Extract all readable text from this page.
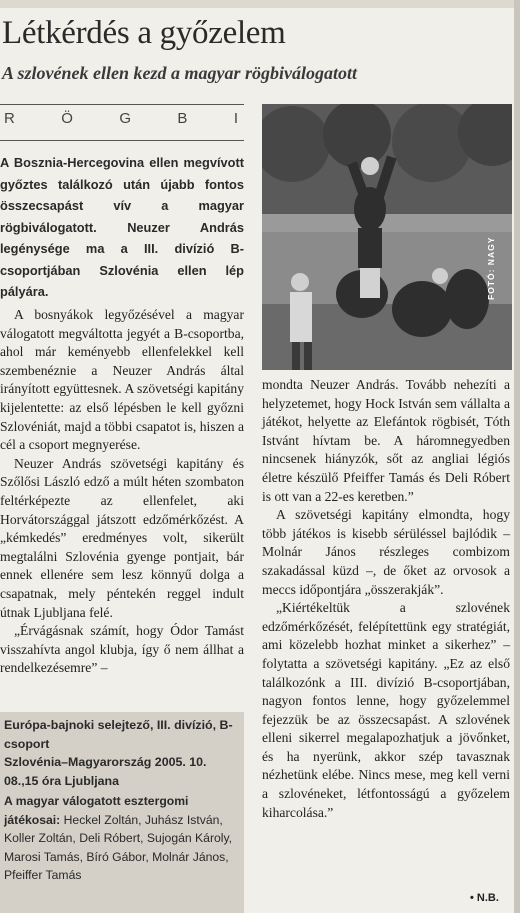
Létkérdés a győzelem
A szlovének ellen kezd a magyar rögbiválogatott
R	Ö	G	B	I
A Bosznia-Hercegovina ellen megvívott győztes találkozó után újabb fontos összecsapást vív a magyar rögbiválogatott. Neuzer András legénysége ma a III. divízió B-csoportjában Szlovénia ellen lép pályára.

A bosnyákok legyőzésével a magyar válogatott megváltotta jegyét a B-csoportba, ahol már keményebb ellenfelekkel kell szembenéznie a Neuzer András által irányított együttesnek. A szövetségi kapitány kijelentette: az első lépésben le kell győzni Szlovéniát, majd a többi csapatot is, hiszen a cél a csoport megnyerése.

Neuzer András szövetségi kapitány és Szőlősi László edző a múlt héten szombaton feltérképezte az ellenfelet, aki Horvátországgal játszott edzőmérkőzést. A „kémkedés” eredményes volt, sikerült megtalálni Szlovénia gyenge pontjait, bár ennek ellenére sem lesz könnyű dolga a csapatnak, mely péntekén reggel indult útnak Ljubljana felé.

„Érvágásnak számít, hogy Ódor Tamást visszahívta angol klubja, így ő nem állhat a rendelkezésemre” –

Európa-bajnoki selejtező, III. divízió, B-csoport
Szlovénia–Magyarország 2005. 10. 08.,15 óra Ljubljana
A magyar válogatott esztergomi játékosai: Heckel Zoltán, Juhász István, Koller Zoltán, Deli Róbert, Sujogán Károly, Marosi Tamás, Bíró Gábor, Molnár János, Pfeiffer Tamás
FOTÓ: NAGY

mondta Neuzer András. Tovább nehezíti a helyzetemet, hogy Hock István sem vállalta a játékot, helyette az Elefántok rögbisét, Tóth Istvánt hívtam be. A háromnegyedben nincsenek hiányzók, sőt az angliai légiós életre készülő Pfeiffer Tamás és Deli Róbert is ott van a 22-es keretben.”

A szövetségi kapitány elmondta, hogy több játékos is kisebb sérüléssel bajlódik – Molnár János részleges combizom szakadással küzd –, de őket az orvosok a meccs időpontjára „összerakják”.

„Kiértékeltük a szlovének edzőmérkőzését, felépítettünk egy stratégiát, ami közelebb hozhat minket a sikerhez” – folytatta a szövetségi kapitány. „Ez az első találkozónk a III. divízió B-csoportjában, nagyon fontos lenne, hogy győzelemmel fejezzük be az összecsapást. A szlovének elleni sikerrel megalapozhatjuk a jövőnket, és ha nyerünk, akkor szép tavasznak nézhetünk elébe. Nincs mese, meg kell verni a szlovéneket, létfontosságú a győzelem kiharcolása.”

• N.B.
